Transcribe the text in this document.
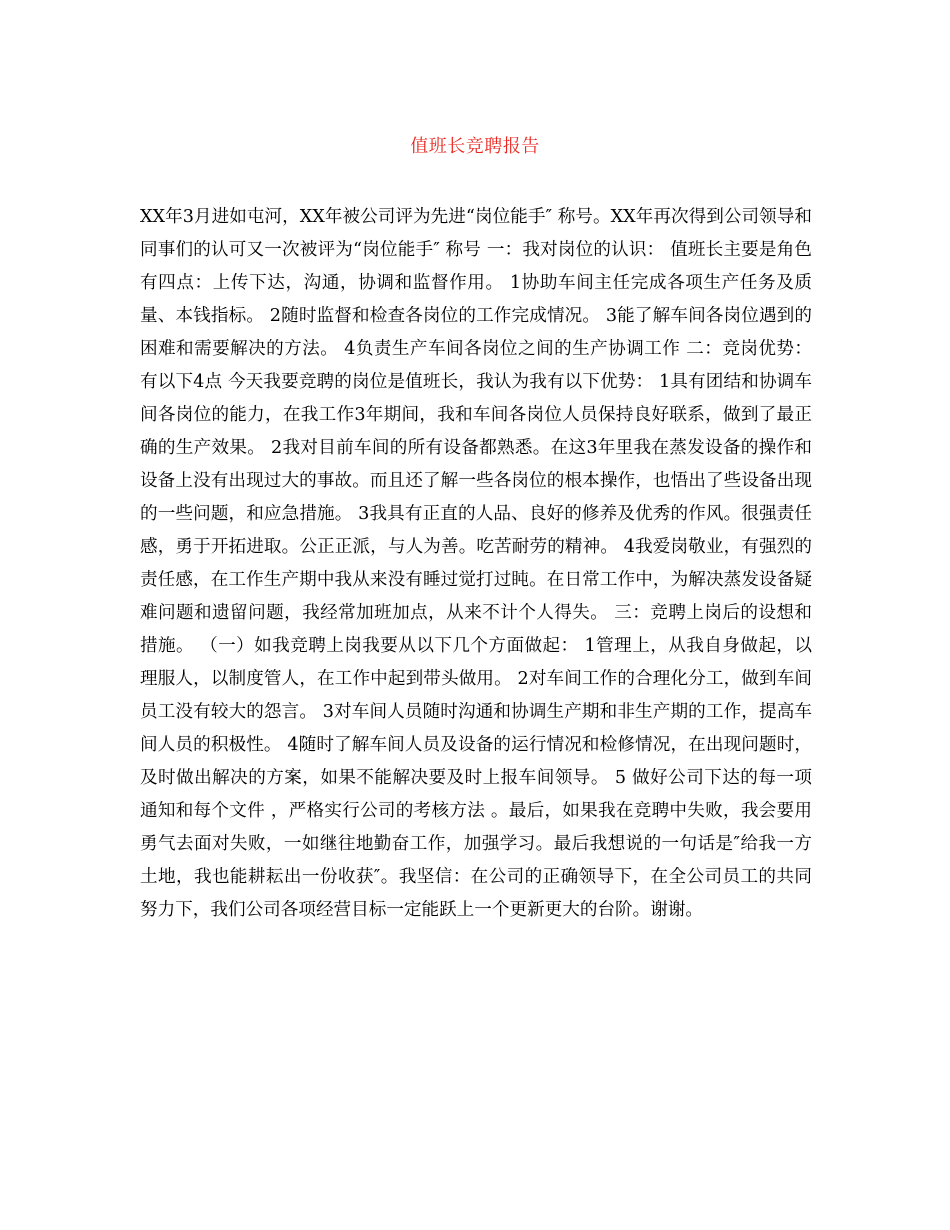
值班长竞聘报告
XX年3月进如屯河，XX年被公司评为先进“岗位能手″ 称号。XX年再次得到公司领导和同事们的认可又一次被评为“岗位能手″ 称号 一：我对岗位的认识： 值班长主要是角色有四点：上传下达，沟通，协调和监督作用。 1协助车间主任完成各项生产任务及质量、本钱指标。 2随时监督和检查各岗位的工作完成情况。 3能了解车间各岗位遇到的困难和需要解决的方法。 4负责生产车间各岗位之间的生产协调工作 二：竞岗优势：有以下4点 今天我要竞聘的岗位是值班长，我认为我有以下优势： 1具有团结和协调车间各岗位的能力，在我工作3年期间，我和车间各岗位人员保持良好联系，做到了最正确的生产效果。 2我对目前车间的所有设备都熟悉。在这3年里我在蒸发设备的操作和设备上没有出现过大的事故。而且还了解一些各岗位的根本操作，也悟出了些设备出现的一些问题，和应急措施。 3我具有正直的人品、良好的修养及优秀的作风。很强责任感，勇于开拓进取。公正正派，与人为善。吃苦耐劳的精神。 4我爱岗敬业，有强烈的责任感，在工作生产期中我从来没有睡过觉打过盹。在日常工作中，为解决蒸发设备疑难问题和遗留问题，我经常加班加点，从来不计个人得失。 三：竞聘上岗后的设想和措施。 （一）如我竞聘上岗我要从以下几个方面做起： 1管理上，从我自身做起，以理服人，以制度管人，在工作中起到带头做用。 2对车间工作的合理化分工，做到车间员工没有较大的怨言。 3对车间人员随时沟通和协调生产期和非生产期的工作，提高车间人员的积极性。 4随时了解车间人员及设备的运行情况和检修情况，在出现问题时，及时做出解决的方案，如果不能解决要及时上报车间领导。 5 做好公司下达的每一项通知和每个文件 ，严格实行公司的考核方法 。最后，如果我在竞聘中失败，我会要用勇气去面对失败，一如继往地勤奋工作，加强学习。最后我想说的一句话是″给我一方土地，我也能耕耘出一份收获″。我坚信：在公司的正确领导下，在全公司员工的共同努力下，我们公司各项经营目标一定能跃上一个更新更大的台阶。谢谢。
